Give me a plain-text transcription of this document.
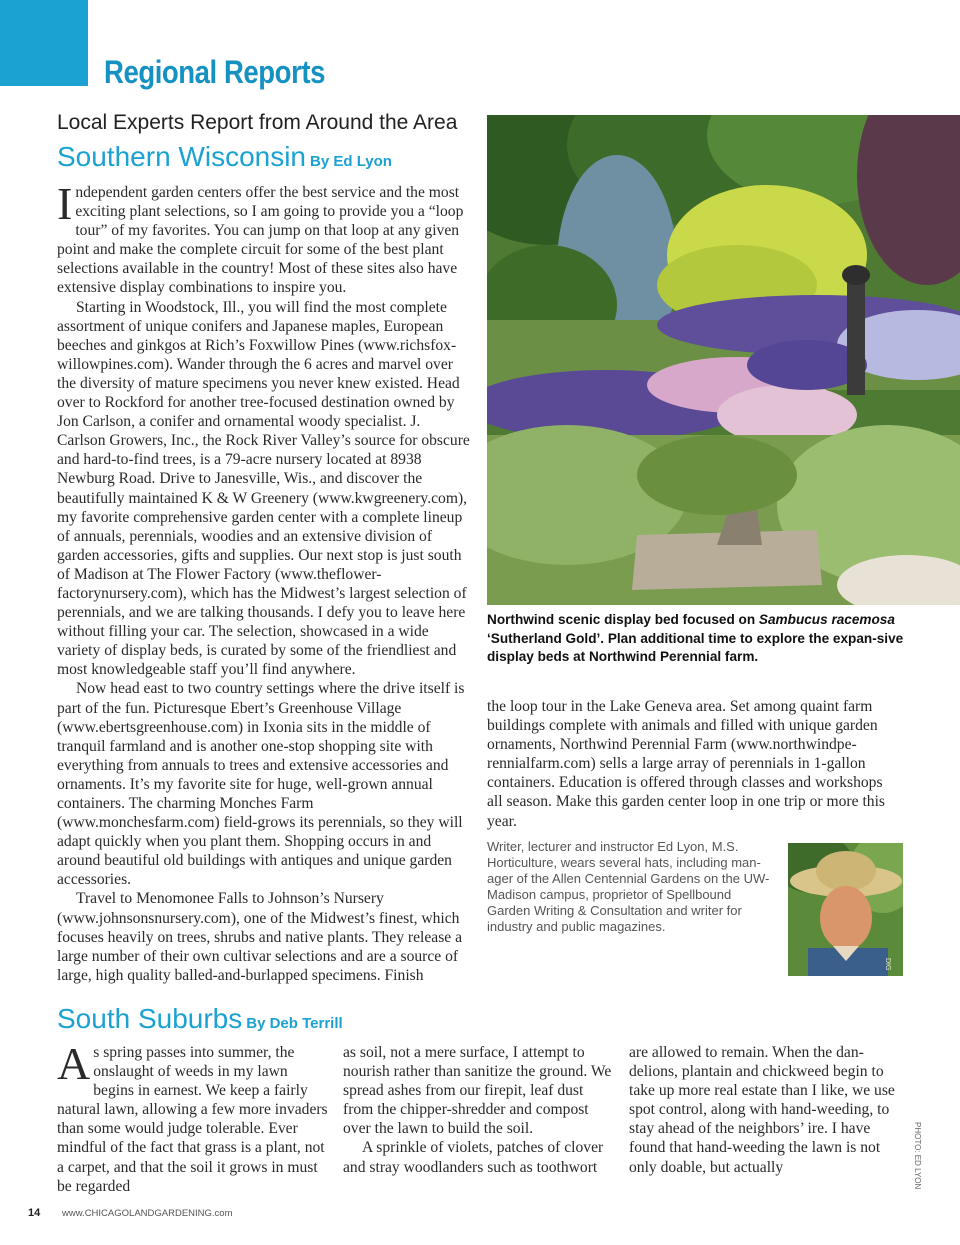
Regional Reports
Local Experts Report from Around the Area
Southern Wisconsin By Ed Lyon

Independent garden centers offer the best service and the most exciting plant selections, so I am going to provide you a “loop tour” of my favorites. You can jump on that loop at any given point and make the complete circuit for some of the best plant selections available in the country! Most of these sites also have extensive display combinations to inspire you.

Starting in Woodstock, Ill., you will find the most complete assortment of unique conifers and Japanese maples, European beeches and ginkgos at Rich’s Foxwillow Pines (www.richsfox-willowpines.com). Wander through the 6 acres and marvel over the diversity of mature specimens you never knew existed. Head over to Rockford for another tree-focused destination owned by Jon Carlson, a conifer and ornamental woody specialist. J. Carlson Growers, Inc., the Rock River Valley’s source for obscure and hard-to-find trees, is a 79-acre nursery located at 8938 Newburg Road. Drive to Janesville, Wis., and discover the beautifully maintained K & W Greenery (www.kwgreenery.com), my favorite comprehensive garden center with a complete lineup of annuals, perennials, woodies and an extensive division of garden accessories, gifts and supplies. Our next stop is just south of Madison at The Flower Factory (www.theflower-factorynursery.com), which has the Midwest’s largest selection of perennials, and we are talking thousands. I defy you to leave here without filling your car. The selection, showcased in a wide variety of display beds, is curated by some of the friendliest and most knowledgeable staff you’ll find anywhere.

Now head east to two country settings where the drive itself is part of the fun. Picturesque Ebert’s Greenhouse Village (www.ebertsgreenhouse.com) in Ixonia sits in the middle of tranquil farmland and is another one-stop shopping site with everything from annuals to trees and extensive accessories and ornaments. It’s my favorite site for huge, well-grown annual containers. The charming Monches Farm (www.monchesfarm.com) field-grows its perennials, so they will adapt quickly when you plant them. Shopping occurs in and around beautiful old buildings with antiques and unique garden accessories.

Travel to Menomonee Falls to Johnson’s Nursery (www.johnsonsnursery.com), one of the Midwest’s finest, which focuses heavily on trees, shrubs and native plants. They release a large number of their own cultivar selections and are a source of large, high quality balled-and-burlapped specimens. Finish

Northwind scenic display bed focused on Sambucus racemosa ‘Sutherland Gold’. Plan additional time to explore the expan-sive display beds at Northwind Perennial farm.

the loop tour in the Lake Geneva area. Set among quaint farm buildings complete with animals and filled with unique garden ornaments, Northwind Perennial Farm (www.northwindpe-rennialfarm.com) sells a large array of perennials in 1-gallon containers. Education is offered through classes and workshops all season. Make this garden center loop in one trip or more this year.

Writer, lecturer and instructor Ed Lyon, M.S. Horticulture, wears several hats, including man-ager of the Allen Centennial Gardens on the UW-Madison campus, proprietor of Spellbound Garden Writing & Consultation and writer for industry and public magazines.
DIG
South Suburbs By Deb Terrill

As spring passes into summer, the onslaught of weeds in my lawn begins in earnest. We keep a fairly natural lawn, allowing a few more invaders than some would judge tolerable. Ever mindful of the fact that grass is a plant, not a carpet, and that the soil it grows in must be regarded

as soil, not a mere surface, I attempt to nourish rather than sanitize the ground. We spread ashes from our firepit, leaf dust from the chipper-shredder and compost over the lawn to build the soil.

A sprinkle of violets, patches of clover and stray woodlanders such as toothwort

are allowed to remain. When the dan-delions, plantain and chickweed begin to take up more real estate than I like, we use spot control, along with hand-weeding, to stay ahead of the neighbors’ ire. I have found that hand-weeding the lawn is not only doable, but actually

14 www.CHICAGOLANDGARDENING.com
PHOTO: ED LYON
